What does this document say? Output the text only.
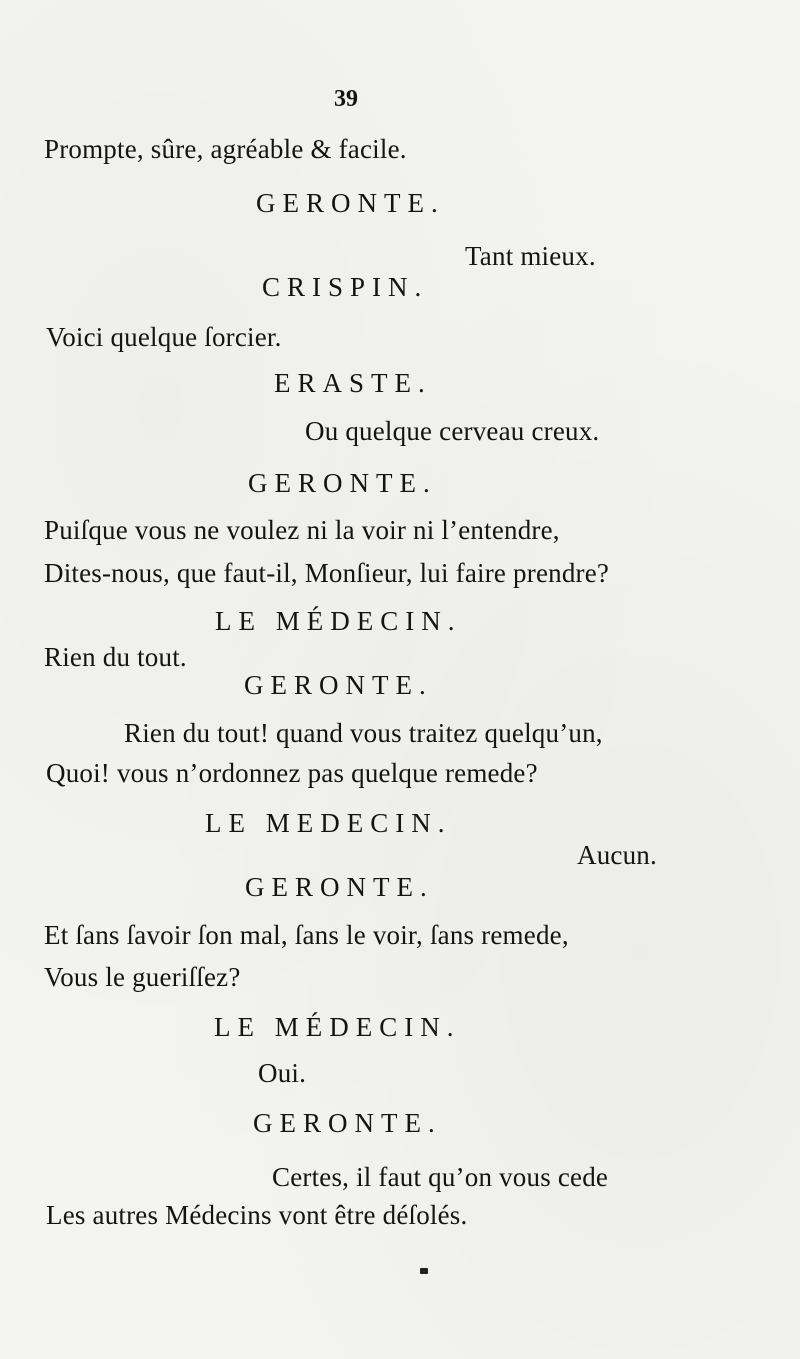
39
Prompte, sûre, agréable & facile.
GERONTE.
Tant mieux.
CRISPIN.
Voici quelque ſorcier.
ERASTE.
Ou quelque cerveau creux.
GERONTE.
Puiſque vous ne voulez ni la voir ni l’entendre,
Dites-nous, que faut-il, Monſieur, lui faire prendre?
LE MÉDECIN.
Rien du tout.
GERONTE.
Rien du tout! quand vous traitez quelqu’un,
Quoi! vous n’ordonnez pas quelque remede?
LE MEDECIN.
Aucun.
GERONTE.
Et ſans ſavoir ſon mal, ſans le voir, ſans remede,
Vous le gueriſſez?
LE MÉDECIN.
Oui.
GERONTE.
Certes, il faut qu’on vous cede
Les autres Médecins vont être déſolés.
